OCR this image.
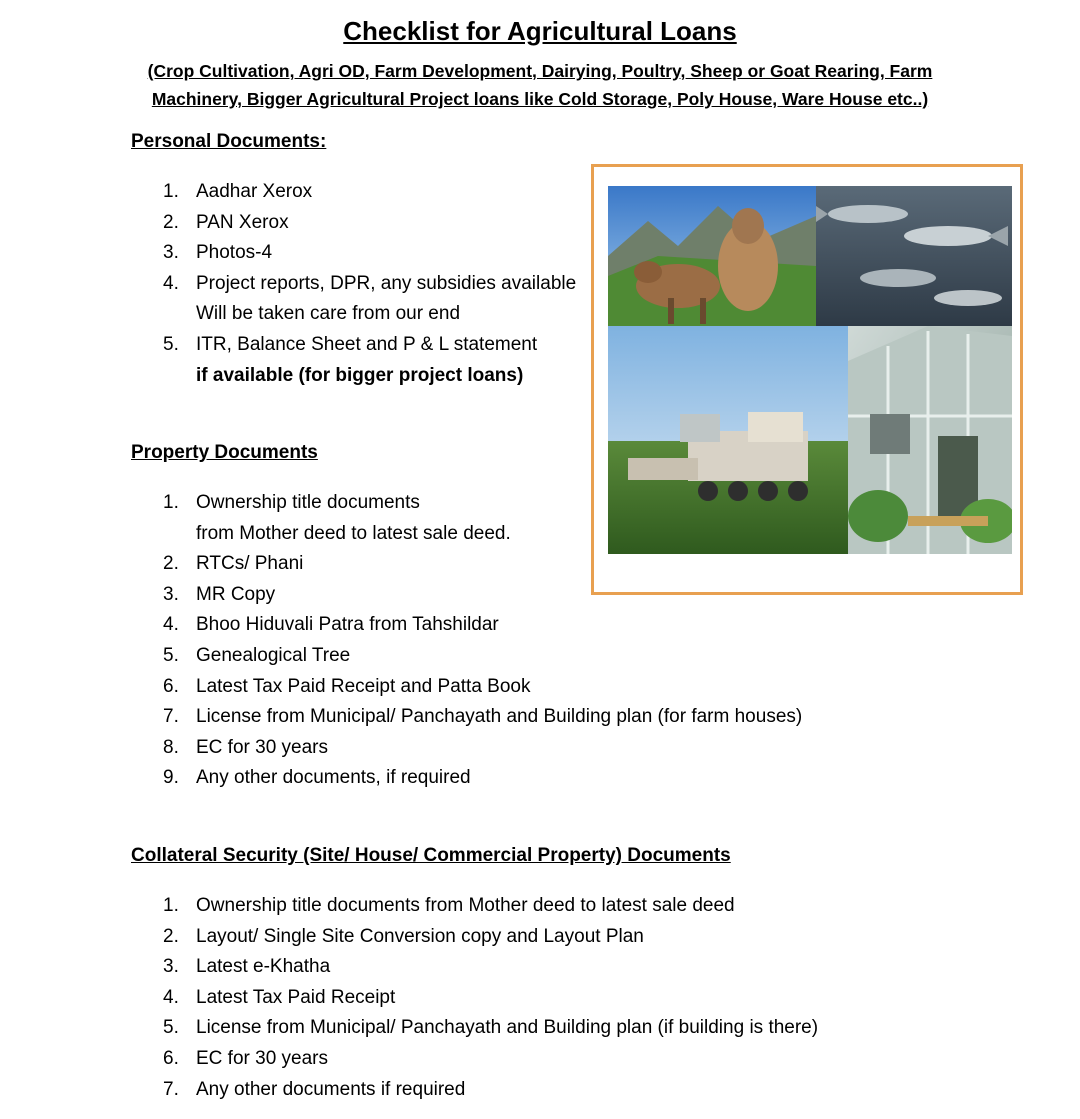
Checklist for Agricultural Loans

(Crop Cultivation, Agri OD, Farm Development, Dairying, Poultry, Sheep or Goat Rearing, Farm
Machinery, Bigger Agricultural Project loans like Cold Storage, Poly House, Ware House etc..)

Personal Documents:
1. Aadhar Xerox
2. PAN Xerox
3. Photos-4
4. Project reports, DPR, any subsidies available
Will be taken care from our end
5. ITR, Balance Sheet and P & L statement
if available (for bigger project loans)
Property Documents
1. Ownership title documents
from Mother deed to latest sale deed.
2. RTCs/ Phani
3. MR Copy
4. Bhoo Hiduvali Patra from Tahshildar
5. Genealogical Tree
6. Latest Tax Paid Receipt and Patta Book
7. License from Municipal/ Panchayath and Building plan (for farm houses)
8. EC for 30 years
9. Any other documents, if required
Collateral Security (Site/ House/ Commercial Property) Documents
1. Ownership title documents from Mother deed to latest sale deed
2. Layout/ Single Site Conversion copy and Layout Plan
3. Latest e-Khatha
4. Latest Tax Paid Receipt
5. License from Municipal/ Panchayath and Building plan (if building is there)
6. EC for 30 years
7. Any other documents if required
